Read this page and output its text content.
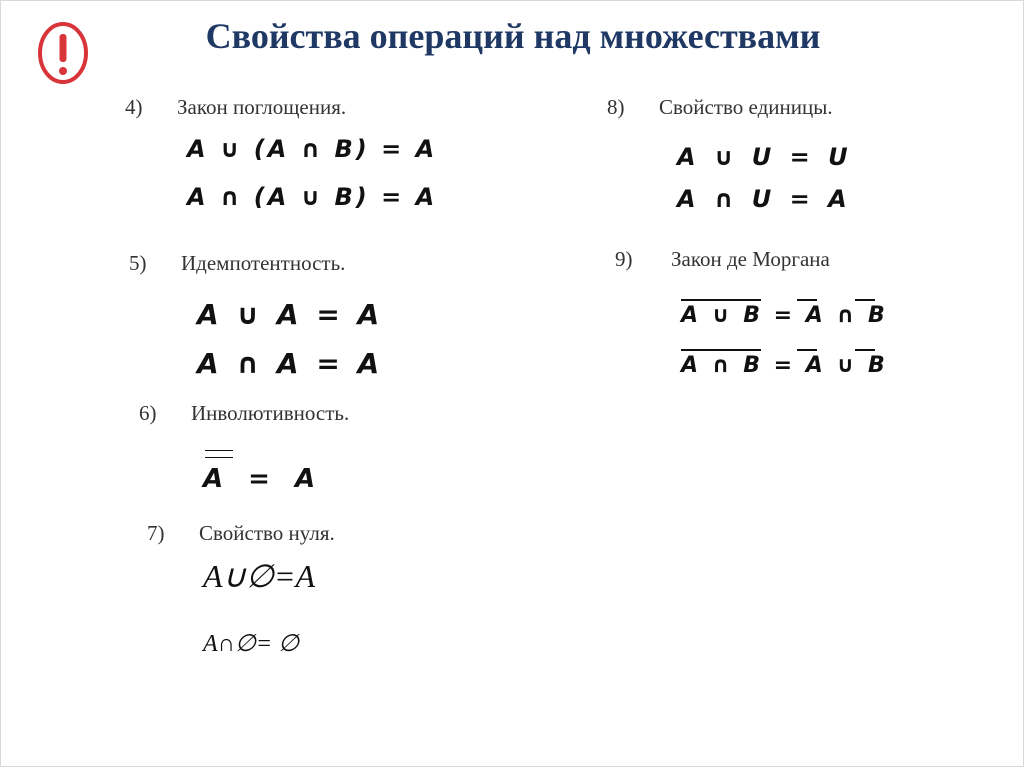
Свойства операций над множествами
4) Закон поглощения.
A ∪ (A ∩ B) = A
A ∩ (A ∪ B) = A
5) Идемпотентность.
A ∪ A = A
A ∩ A = A
6) Инволютивность.
A = A
7) Свойство нуля.
A∪∅=A
A∩∅= ∅
8) Свойство единицы.
A ∪ U = U
A ∩ U = A
9) Закон де Моргана
A ∪ B = A ∩ B
A ∩ B = A ∪ B
